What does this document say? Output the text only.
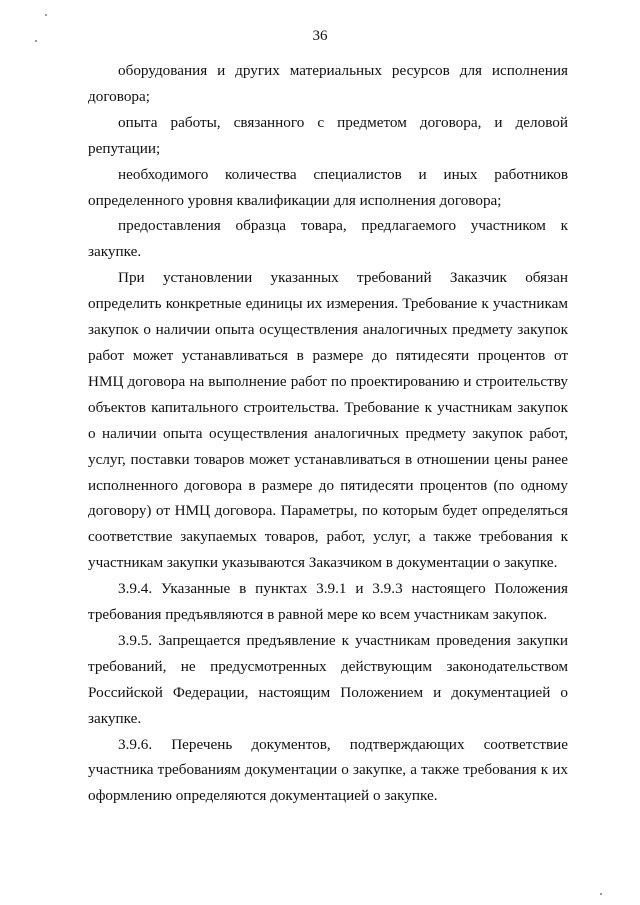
36

оборудования и других материальных ресурсов для исполнения договора;

опыта работы, связанного с предметом договора, и деловой репутации;

необходимого количества специалистов и иных работников определенного уровня квалификации для исполнения договора;

предоставления образца товара, предлагаемого участником к закупке.

При установлении указанных требований Заказчик обязан определить конкретные единицы их измерения. Требование к участникам закупок о наличии опыта осуществления аналогичных предмету закупок работ может устанавливаться в размере до пятидесяти процентов от НМЦ договора на выполнение работ по проектированию и строительству объектов капитального строительства. Требование к участникам закупок о наличии опыта осуществления аналогичных предмету закупок работ, услуг, поставки товаров может устанавливаться в отношении цены ранее исполненного договора в размере до пятидесяти процентов (по одному договору) от НМЦ договора. Параметры, по которым будет определяться соответствие закупаемых товаров, работ, услуг, а также требования к участникам закупки указываются Заказчиком в документации о закупке.

3.9.4. Указанные в пунктах 3.9.1 и 3.9.3 настоящего Положения требования предъявляются в равной мере ко всем участникам закупок.

3.9.5. Запрещается предъявление к участникам проведения закупки требований, не предусмотренных действующим законодательством Российской Федерации, настоящим Положением и документацией о закупке.

3.9.6. Перечень документов, подтверждающих соответствие участника требованиям документации о закупке, а также требования к их оформлению определяются документацией о закупке.
